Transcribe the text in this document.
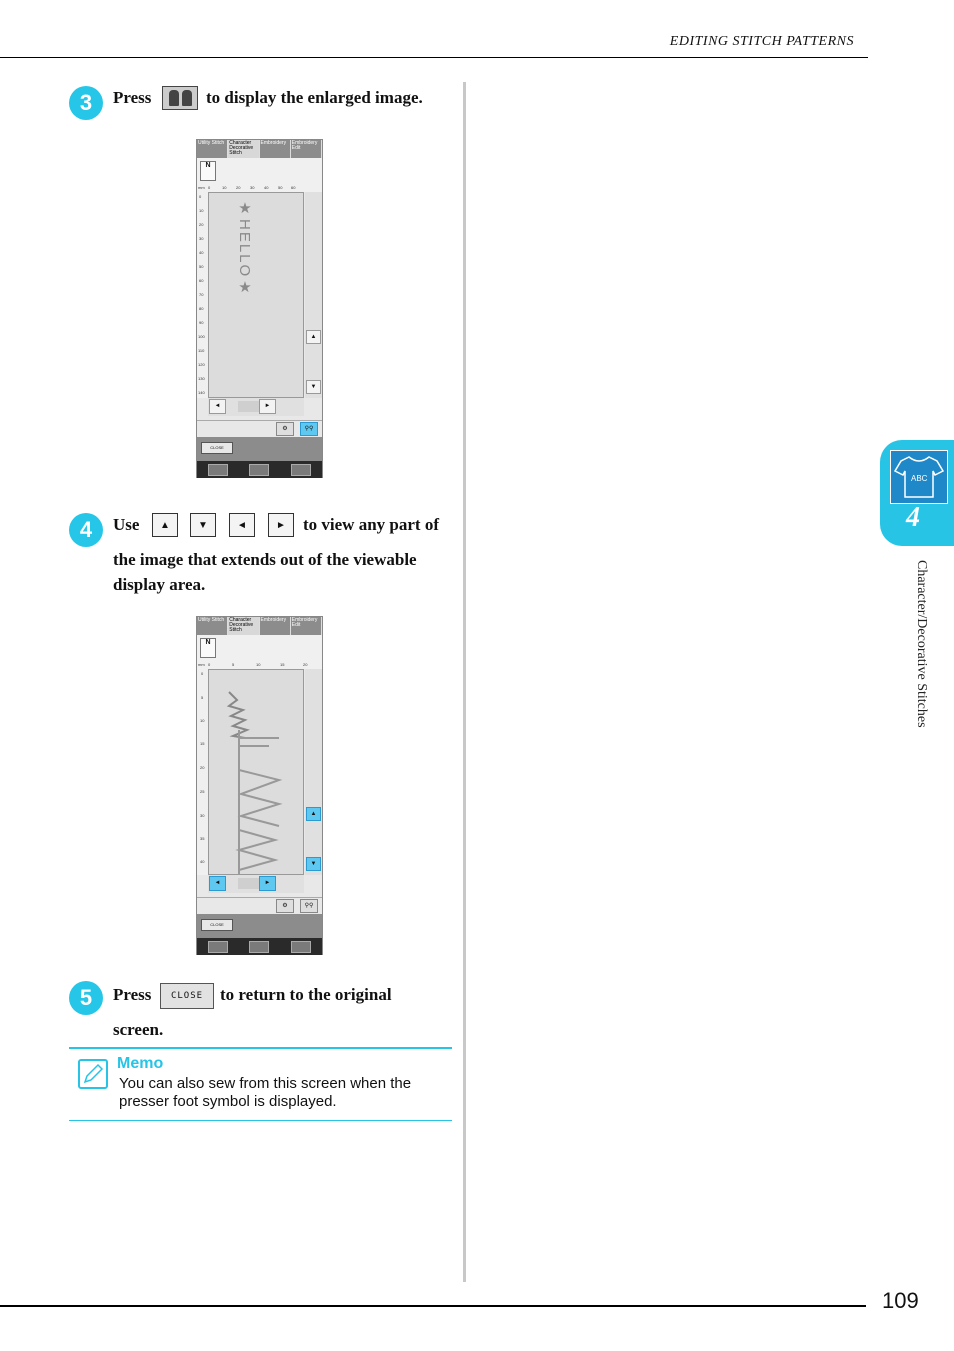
EDITING STITCH PATTERNS
3	Press	to display the enlarged image.
Utility Stitch	Character Decorative Stitch
Embroidery	Embroidery Edit
N
mm 0	10 20 30 40 50 60
0
10
20
30
40
50
60
70
80
90
100
110
120
130
140
★HELLO★
▲
▼
◄	►
⚙	⚲⚲
CLOSE
4	Use	▲	▼	◄	►	to view any part of
the image that extends out of the viewable
display area.
Utility Stitch	Character Decorative Stitch
Embroidery	Embroidery Edit
N
mm 0	5	10	15	20
0
5
10
15
20
25
30
35
40
▲
▼
◄	►
⚙	⚲⚲
CLOSE
5	Press	CLOSE to return to the original
screen.
Memo
You can also sew from this screen when the presser foot symbol is displayed.
ABC
4
Character/Decorative Stitches
109
